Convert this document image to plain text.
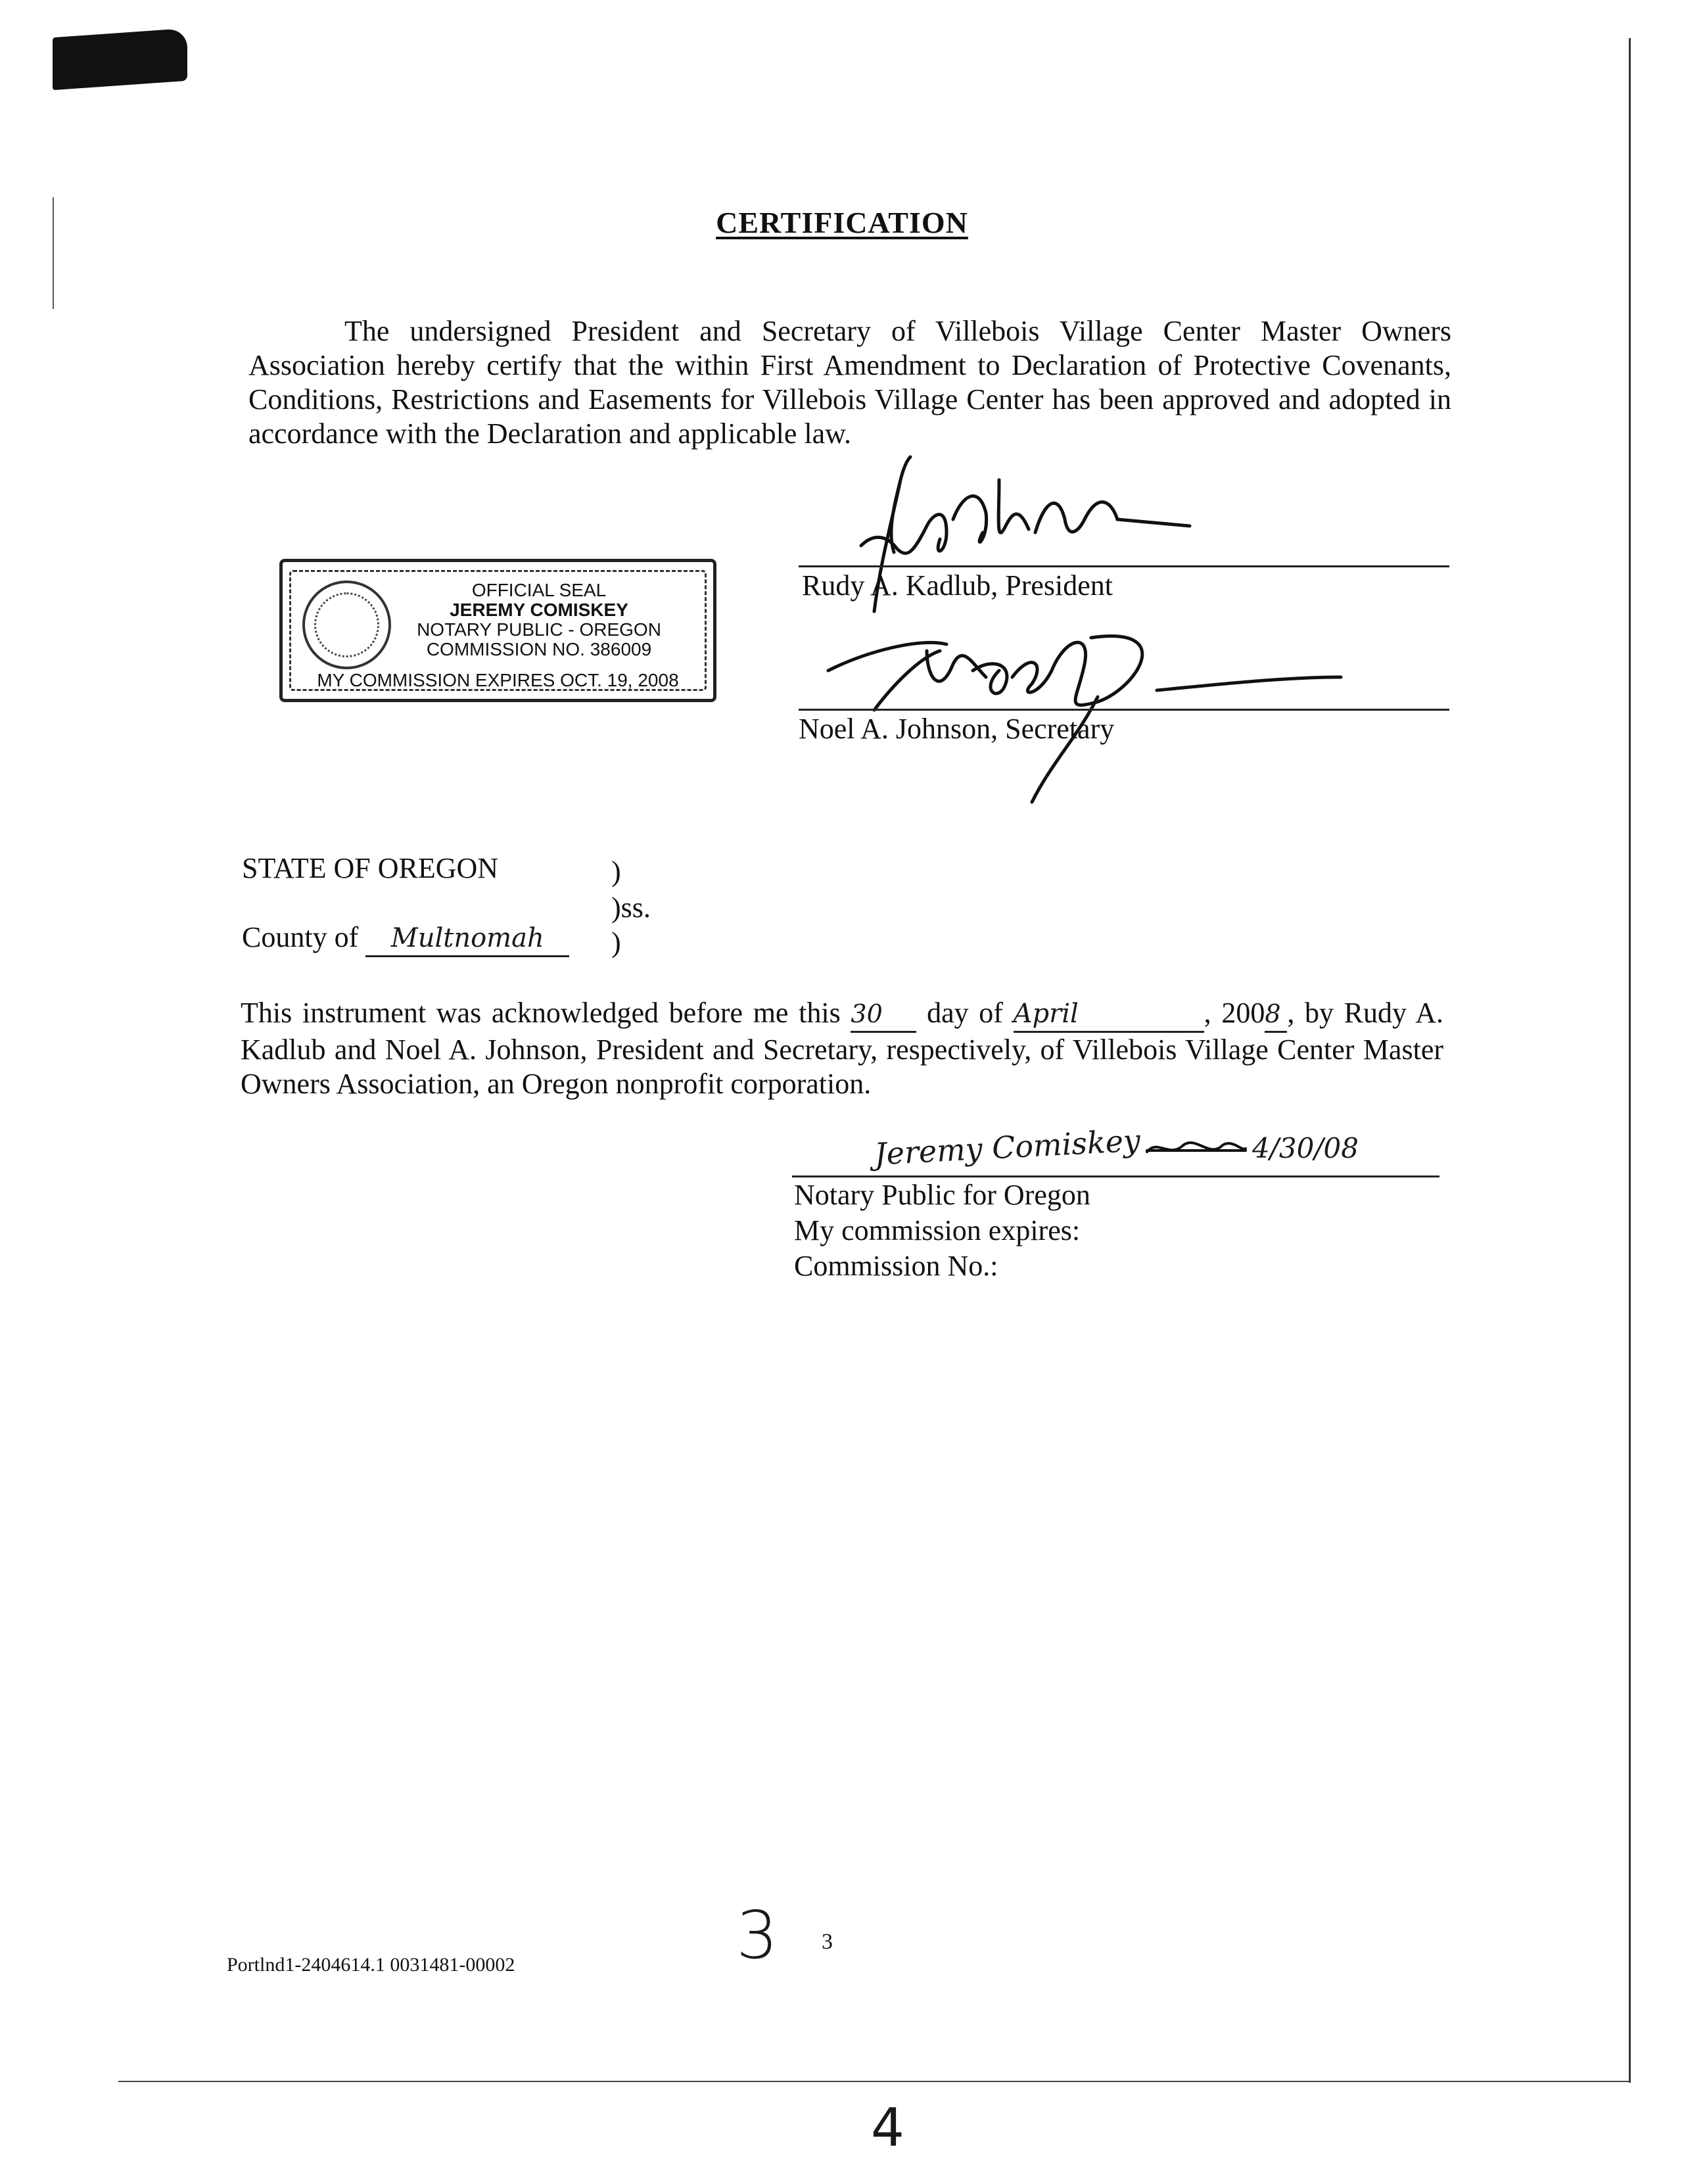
CERTIFICATION
The undersigned President and Secretary of Villebois Village Center Master Owners Association hereby certify that the within First Amendment to Declaration of Protective Covenants, Conditions, Restrictions and Easements for Villebois Village Center has been approved and adopted in accordance with the Declaration and applicable law.
OFFICIAL SEAL
JEREMY COMISKEY
NOTARY PUBLIC - OREGON
COMMISSION NO. 386009
MY COMMISSION EXPIRES OCT. 19, 2008
Rudy A. Kadlub, President
Noel A. Johnson, Secretary
STATE OF OREGON	)
)ss.
)
County of Multnomah
This instrument was acknowledged before me this 30 day of April	, 2008 , by Rudy A. Kadlub and Noel A. Johnson, President and Secretary, respectively, of Villebois Village Center Master Owners Association, an Oregon nonprofit corporation.
Jeremy Comiskey	4/30/08
Notary Public for Oregon
My commission expires:
Commission No.:
Portlnd1-2404614.1 0031481-00002	3 3
4
